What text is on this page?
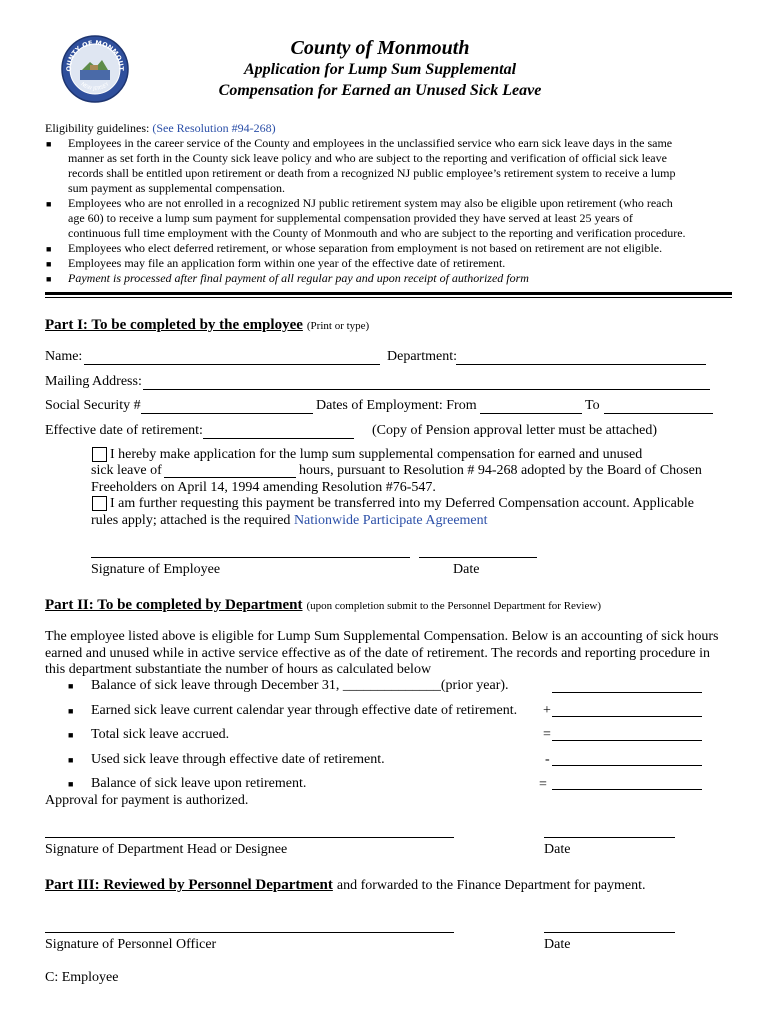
OUNTY OF MONMOUT
NEW JERSEY
County of Monmouth
Application for Lump Sum Supplemental
Compensation for Earned an Unused Sick Leave
Eligibility guidelines: (See Resolution #94-268)
■ Employees in the career service of the County and employees in the unclassified service who earn sick leave days in the same
manner as set forth in the County sick leave policy and who are subject to the reporting and verification of official sick leave
records shall be entitled upon retirement or death from a recognized NJ public employee’s retirement system to receive a lump
sum payment as supplemental compensation.
■ Employees who are not enrolled in a recognized NJ public retirement system may also be eligible upon retirement (who reach
age 60) to receive a lump sum payment for supplemental compensation provided they have served at least 25 years of
continuous full time employment with the County of Monmouth and who are subject to the reporting and verification procedure.
■ Employees who elect deferred retirement, or whose separation from employment is not based on retirement are not eligible.
■ Employees may file an application form within one year of the effective date of retirement.
■ Payment is processed after final payment of all regular pay and upon receipt of authorized form
Part I: To be completed by the employee (Print or type)
Name:	Department:
Mailing Address:
Social Security #	Dates of Employment: From	To
Effective date of retirement:	(Copy of Pension approval letter must be attached)
I hereby make application for the lump sum supplemental compensation for earned and unused
sick leave of	hours, pursuant to Resolution # 94-268 adopted by the Board of Chosen
Freeholders on April 14, 1994 amending Resolution #76-547.
I am further requesting this payment be transferred into my Deferred Compensation account. Applicable
rules apply; attached is the required Nationwide Participate Agreement
Signature of Employee	Date
Part II: To be completed by Department (upon completion submit to the Personnel Department for Review)
The employee listed above is eligible for Lump Sum Supplemental Compensation. Below is an accounting of sick hours
earned and unused while in active service effective as of the date of retirement. The records and reporting procedure in
this department substantiate the number of hours as calculated below
■ Balance of sick leave through December 31, ______________(prior year).
■ Earned sick leave current calendar year through effective date of retirement. +
■ Total sick leave accrued.	=
■ Used sick leave through effective date of retirement.	-
■ Balance of sick leave upon retirement.	=
Approval for payment is authorized.
Signature of Department Head or Designee	Date
Part III: Reviewed by Personnel Department and forwarded to the Finance Department for payment.
Signature of Personnel Officer	Date
C: Employee
